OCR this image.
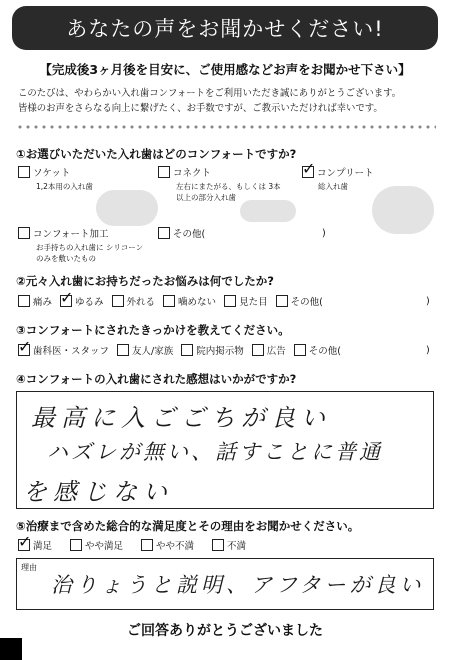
あなたの声をお聞かせください!
【完成後3ヶ月後を目安に、ご使用感などお声をお聞かせ下さい】
このたびは、やわらかい入れ歯コンフォートをご利用いただき誠にありがとうございます。
皆様のお声をさらなる向上に繋げたく、お手数ですが、ご教示いただければ幸いです。
①お選びいただいた入れ歯はどのコンフォートですか?
ソケット
1,2本用の入れ歯
コネクト
左右にまたがる、もしくは 3本以上の部分入れ歯
✓ コンプリート
総入れ歯
コンフォート加工
お手持ちの入れ歯に シリコーンのみを敷いたもの
その他(	)
②元々入れ歯にお持ちだったお悩みは何でしたか?
痛み ✓ ゆるみ 外れる 噛めない 見た目 その他(	)
③コンフォートにされたきっかけを教えてください。
✓ 歯科医・スタッフ 友人/家族 院内掲示物 広告 その他(	)
④コンフォートの入れ歯にされた感想はいかがですか?
最高に入ごごちが良い
ハズレが無い、話すことに普通
を感じない
⑤治療まで含めた総合的な満足度とその理由をお聞かせください。
✓ 満足	やや満足	やや不満	不満
理由
治りょうと説明、アフターが良い
ご回答ありがとうございました
